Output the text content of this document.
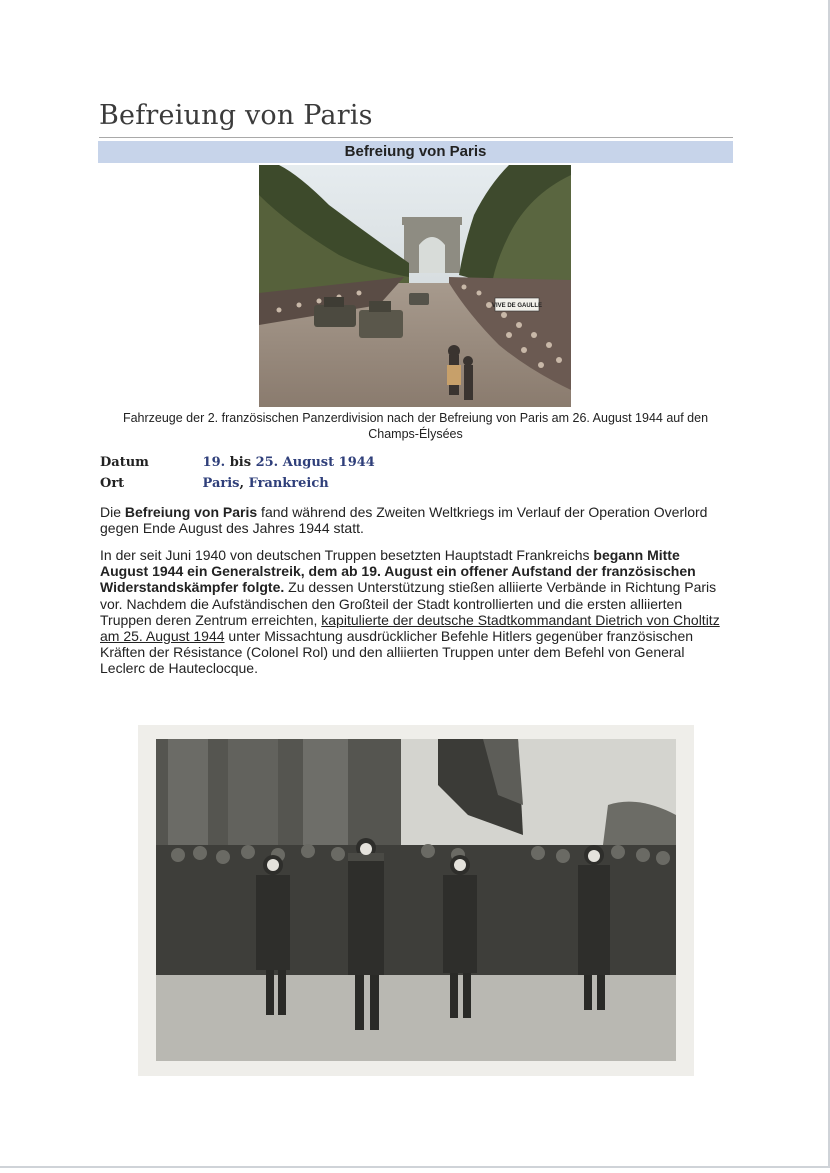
Befreiung von Paris
Befreiung von Paris
VIVE DE GAULLE
Fahrzeuge der 2. französischen Panzerdivision nach der Befreiung von Paris am 26. August 1944 auf den Champs-Élysées
Datum	19. bis 25. August 1944
Ort	Paris, Frankreich
Die Befreiung von Paris fand während des Zweiten Weltkriegs im Verlauf der Operation Overlord gegen Ende August des Jahres 1944 statt.
In der seit Juni 1940 von deutschen Truppen besetzten Hauptstadt Frankreichs begann Mitte August 1944 ein Generalstreik, dem ab 19. August ein offener Aufstand der französischen Widerstandskämpfer folgte. Zu dessen Unterstützung stießen alliierte Verbände in Richtung Paris vor. Nachdem die Aufständischen den Großteil der Stadt kontrollierten und die ersten alliierten Truppen deren Zentrum erreichten, kapitulierte der deutsche Stadtkommandant Dietrich von Choltitz am 25. August 1944 unter Missachtung ausdrücklicher Befehle Hitlers gegenüber französischen Kräften der Résistance (Colonel Rol) und den alliierten Truppen unter dem Befehl von General Leclerc de Hauteclocque.
